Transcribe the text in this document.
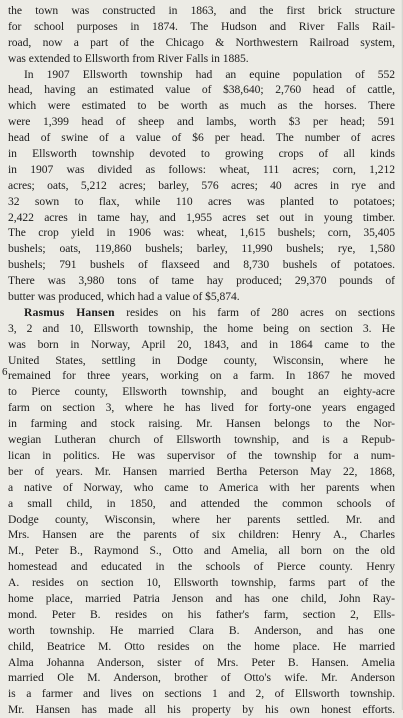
the town was constructed in 1863, and the first brick structure
for school purposes in 1874. The Hudson and River Falls Rail-
road, now a part of the Chicago & Northwestern Railroad system,
was extended to Ellsworth from River Falls in 1885.
In 1907 Ellsworth township had an equine population of 552
head, having an estimated value of $38,640; 2,760 head of cattle,
which were estimated to be worth as much as the horses. There
were 1,399 head of sheep and lambs, worth $3 per head; 591
head of swine of a value of $6 per head. The number of acres
in Ellsworth township devoted to growing crops of all kinds
in 1907 was divided as follows: wheat, 111 acres; corn, 1,212
acres; oats, 5,212 acres; barley, 576 acres; 40 acres in rye and
32 sown to flax, while 110 acres was planted to potatoes;
2,422 acres in tame hay, and 1,955 acres set out in young timber.
The crop yield in 1906 was: wheat, 1,615 bushels; corn, 35,405
bushels; oats, 119,860 bushels; barley, 11,990 bushels; rye, 1,580
bushels; 791 bushels of flaxseed and 8,730 bushels of potatoes.
There was 3,980 tons of tame hay produced; 29,370 pounds of
butter was produced, which had a value of $5,874.
Rasmus Hansen resides on his farm of 280 acres on sections
6
3, 2 and 10, Ellsworth township, the home being on section 3. He
was born in Norway, April 20, 1843, and in 1864 came to the
United States, settling in Dodge county, Wisconsin, where he
remained for three years, working on a farm. In 1867 he moved
to Pierce county, Ellsworth township, and bought an eighty-acre
farm on section 3, where he has lived for forty-one years engaged
in farming and stock raising. Mr. Hansen belongs to the Nor-
wegian Lutheran church of Ellsworth township, and is a Repub-
lican in politics. He was supervisor of the township for a num-
ber of years. Mr. Hansen married Bertha Peterson May 22, 1868,
a native of Norway, who came to America with her parents when
a small child, in 1850, and attended the common schools of
Dodge county, Wisconsin, where her parents settled. Mr. and
Mrs. Hansen are the parents of six children: Henry A., Charles
M., Peter B., Raymond S., Otto and Amelia, all born on the old
homestead and educated in the schools of Pierce county. Henry
A. resides on section 10, Ellsworth township, farms part of the
home place, married Patria Jenson and has one child, John Ray-
mond. Peter B. resides on his father's farm, section 2, Ells-
worth township. He married Clara B. Anderson, and has one
child, Beatrice M. Otto resides on the home place. He married
Alma Johanna Anderson, sister of Mrs. Peter B. Hansen. Amelia
married Ole M. Anderson, brother of Otto's wife. Mr. Anderson
is a farmer and lives on sections 1 and 2, of Ellsworth township.
Mr. Hansen has made all his property by his own honest efforts.
